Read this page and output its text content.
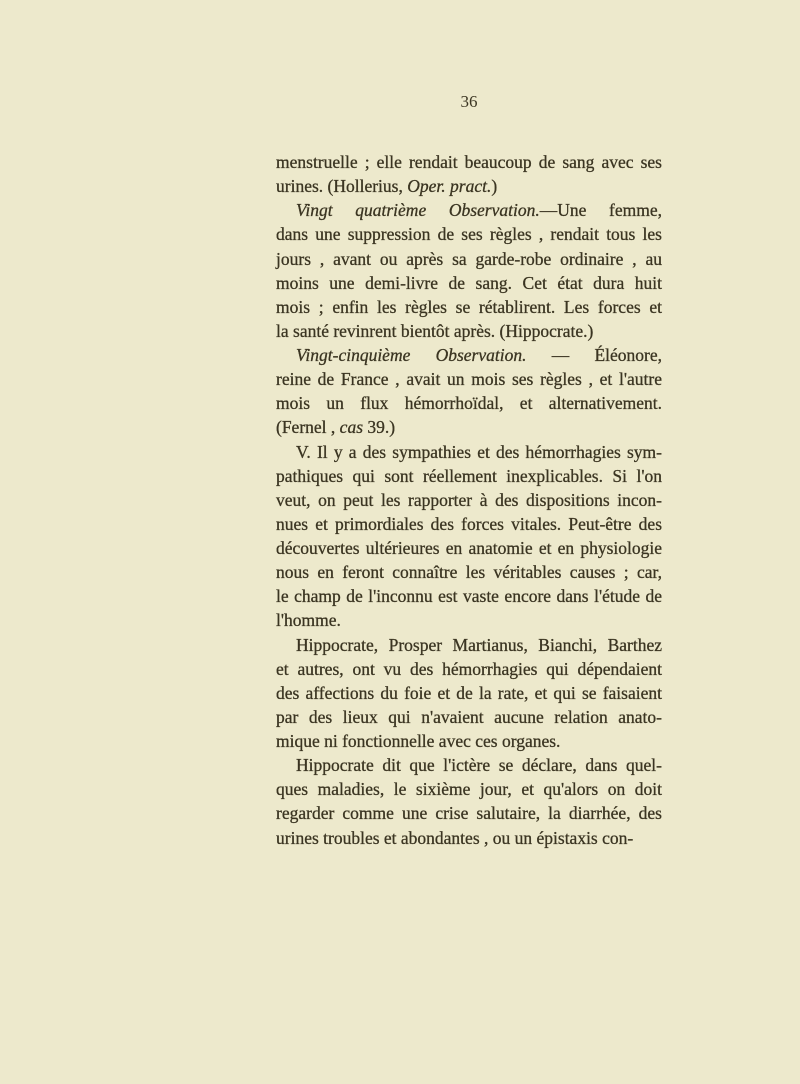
36
menstruelle ; elle rendait beaucoup de sang avec ses
urines. (Hollerius, Oper. pract.)
Vingt quatrième Observation.—Une femme,
dans une suppression de ses règles , rendait tous les
jours , avant ou après sa garde-robe ordinaire , au
moins une demi-livre de sang. Cet état dura huit
mois ; enfin les règles se rétablirent. Les forces et
la santé revinrent bientôt après. (Hippocrate.)
Vingt-cinquième Observation. — Éléonore,
reine de France , avait un mois ses règles , et l'autre
mois un flux hémorrhoïdal, et alternativement.
(Fernel , cas 39.)
V. Il y a des sympathies et des hémorrhagies sym-
pathiques qui sont réellement inexplicables. Si l'on
veut, on peut les rapporter à des dispositions incon-
nues et primordiales des forces vitales. Peut-être des
découvertes ultérieures en anatomie et en physiologie
nous en feront connaître les véritables causes ; car,
le champ de l'inconnu est vaste encore dans l'étude de
l'homme.
Hippocrate, Prosper Martianus, Bianchi, Barthez
et autres, ont vu des hémorrhagies qui dépendaient
des affections du foie et de la rate, et qui se faisaient
par des lieux qui n'avaient aucune relation anato-
mique ni fonctionnelle avec ces organes.
Hippocrate dit que l'ictère se déclare, dans quel-
ques maladies, le sixième jour, et qu'alors on doit
regarder comme une crise salutaire, la diarrhée, des
urines troubles et abondantes , ou un épistaxis con-
